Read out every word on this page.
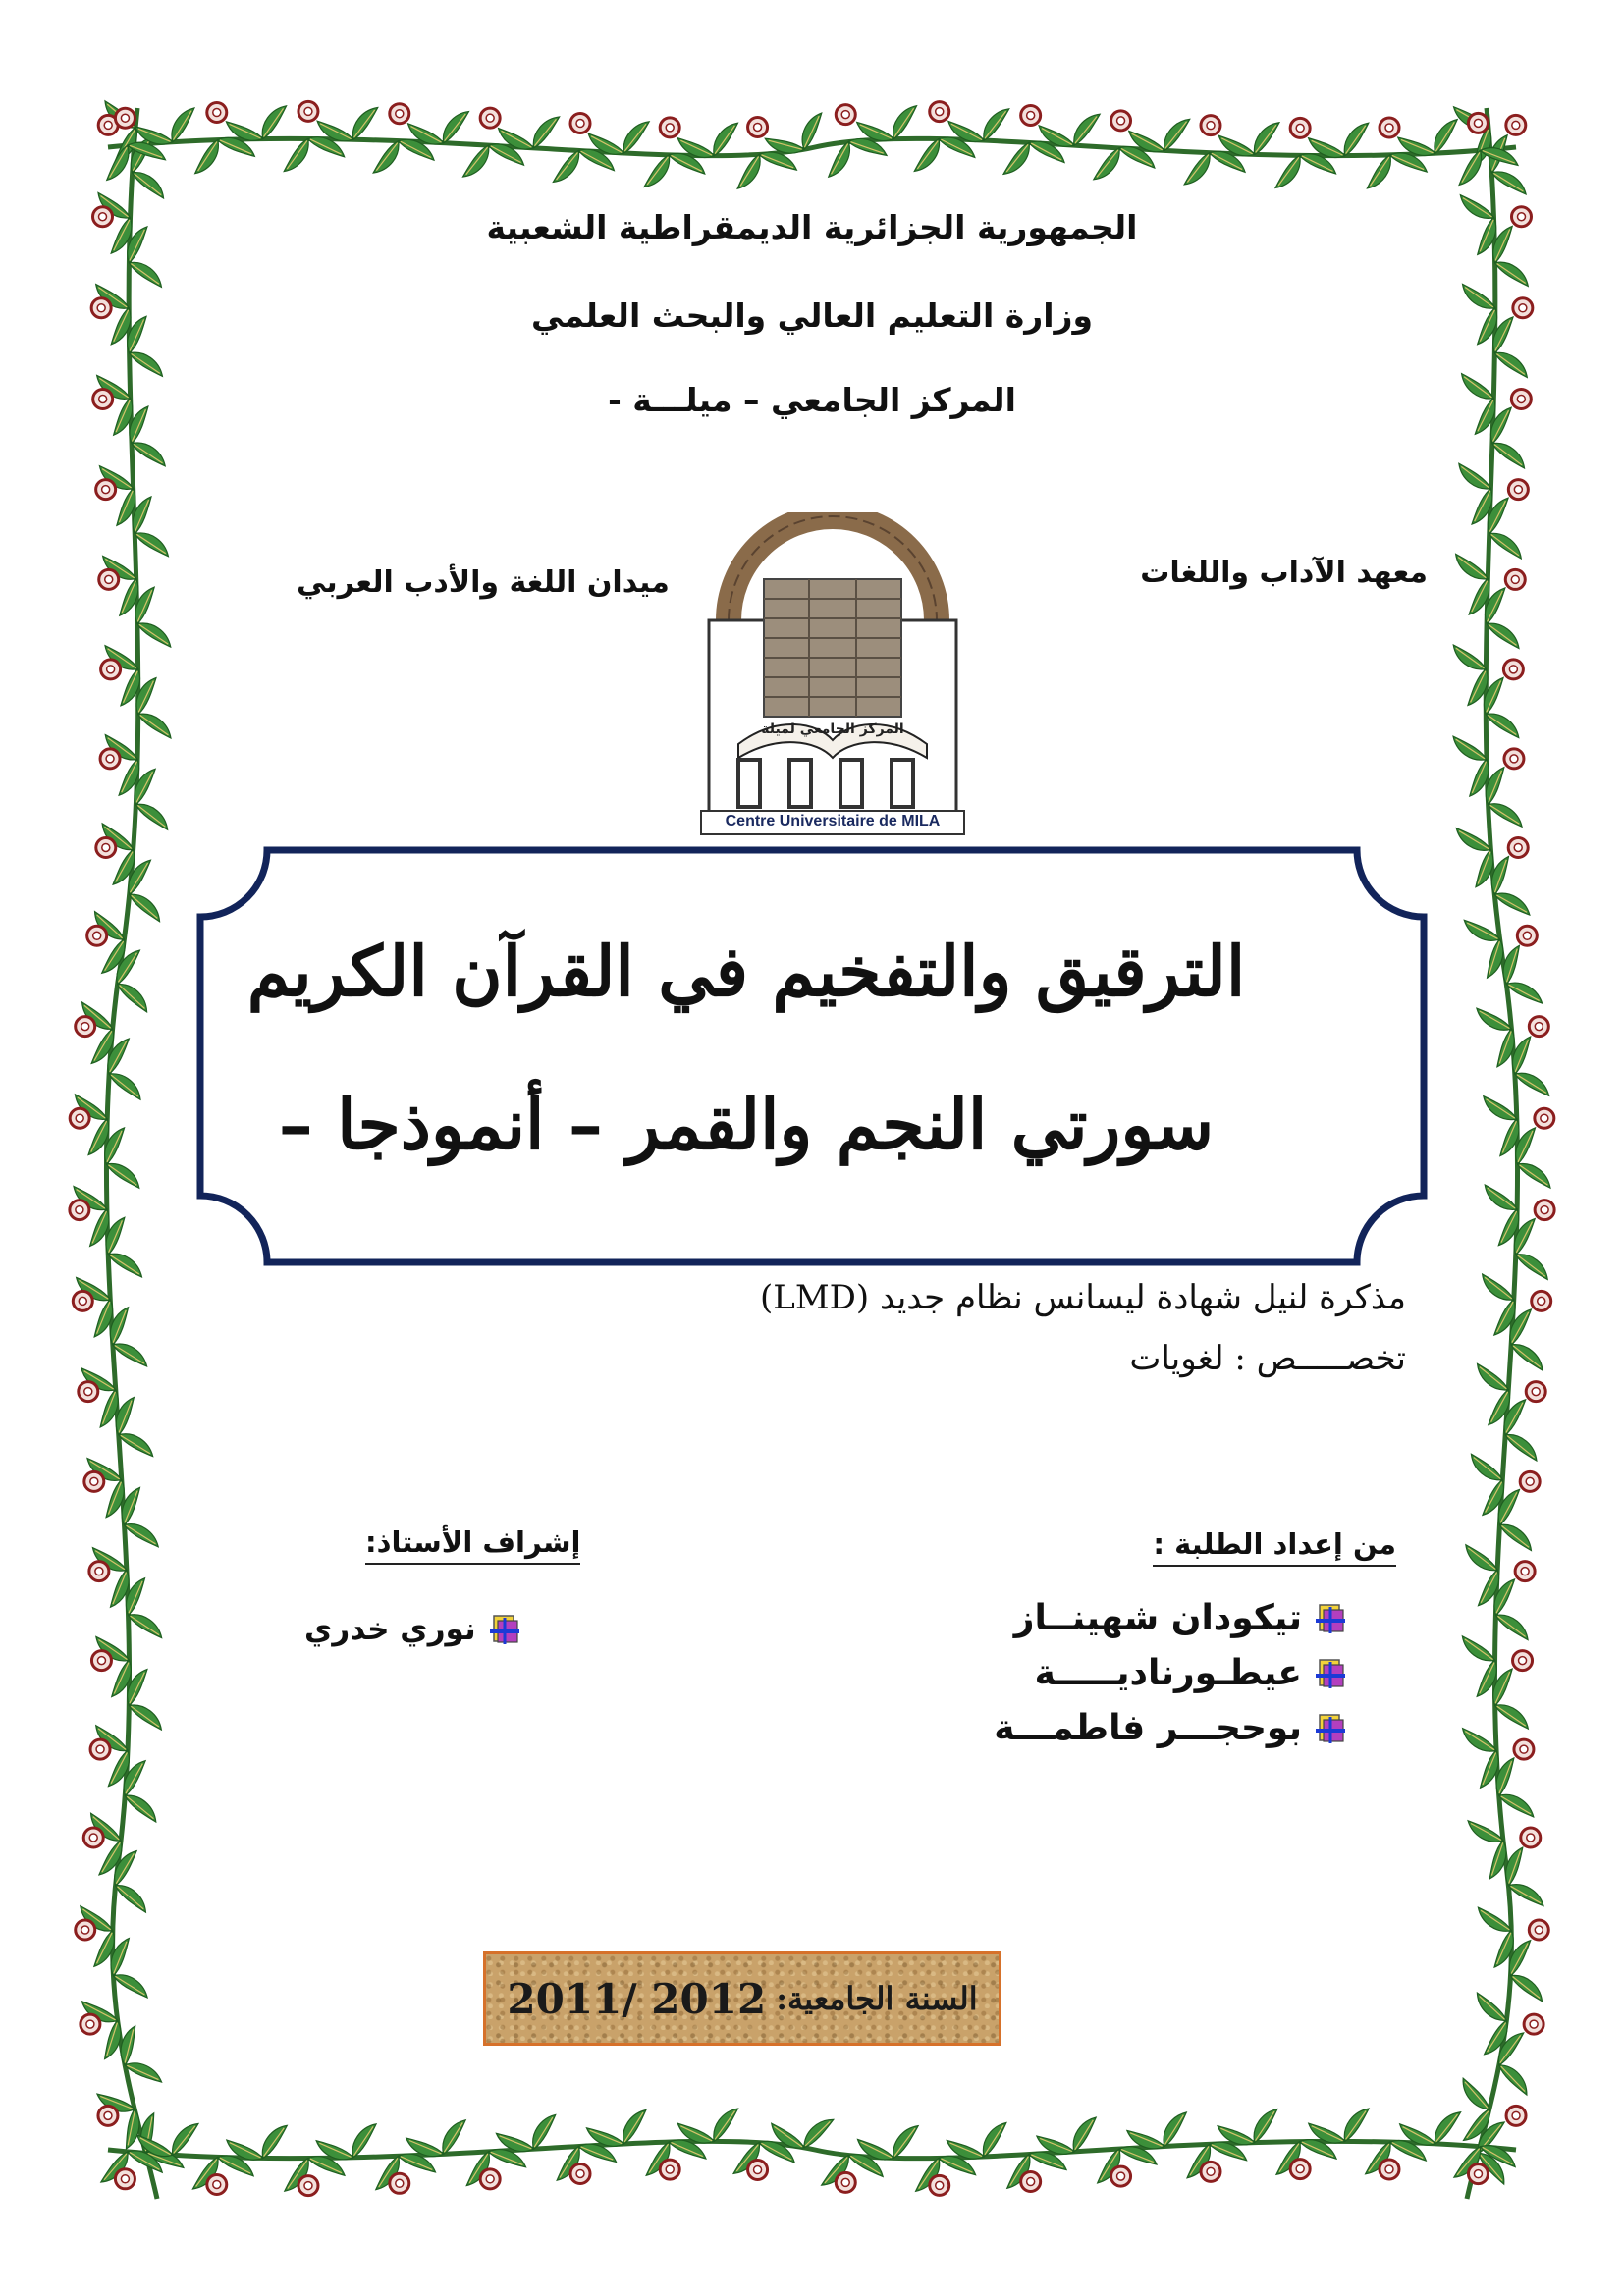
الجمهورية الجزائرية الديمقراطية الشعبية
وزارة التعليم العالي والبحث العلمي
المركز الجامعي – ميلـــة -
معهد الآداب واللغات
ميدان اللغة والأدب العربي
المركز الجامعي لميلة
Centre Universitaire de MILA
الترقيق والتفخيم في القرآن الكريم
سورتي النجم والقمر – أنموذجا –
مذكرة لنيل شهادة ليسانس نظام جديد (LMD)
تخصـــــص : لغويات
من إعداد الطلبة :
تيكودان شهينــاز
عيطـورناديـــــة
بوحجـــر فاطمـــة
إشراف الأستاذ:
نوري خدري
السنة الجامعية:
2011/ 2012
